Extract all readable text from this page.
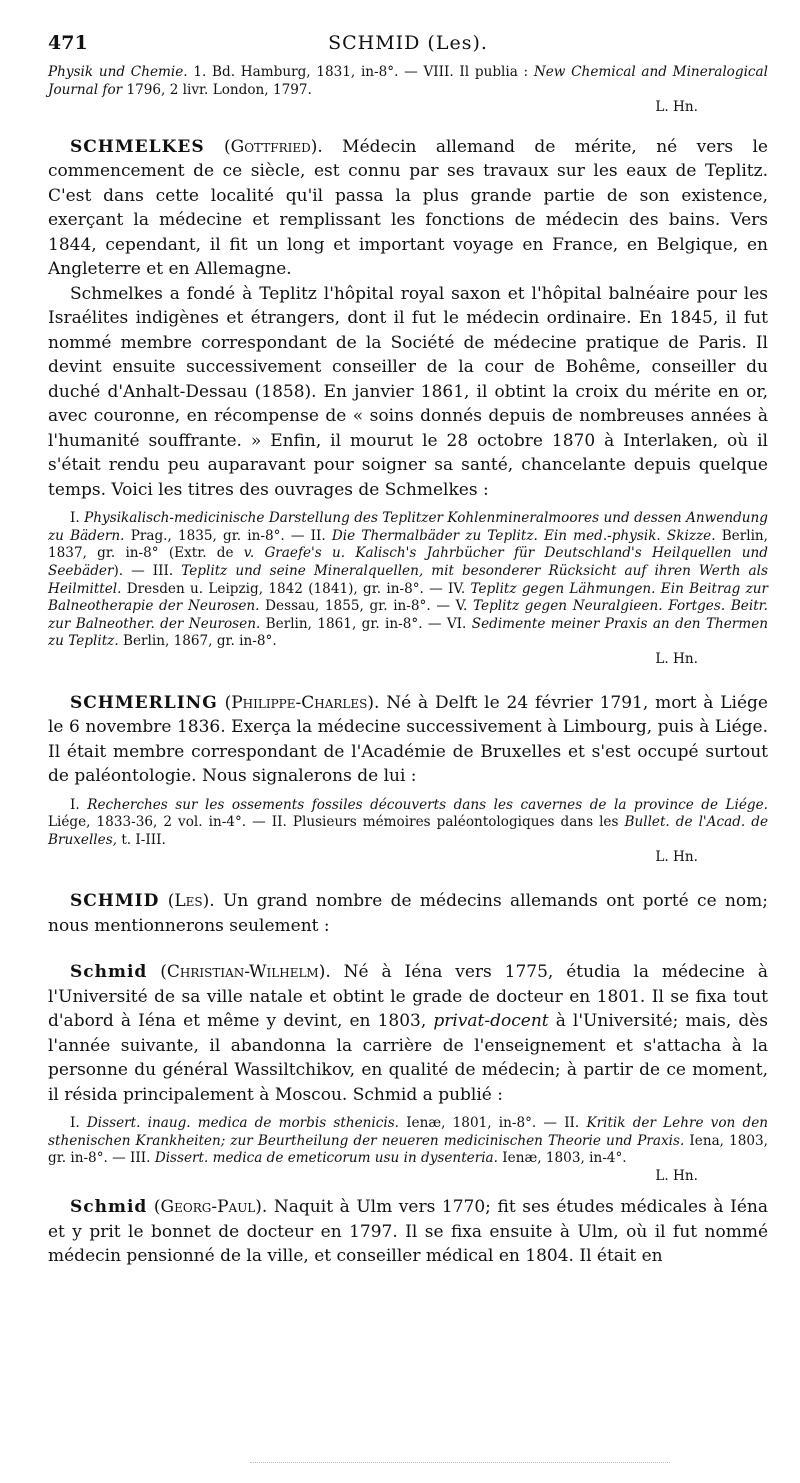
471	SCHMID (Les).

Physik und Chemie. 1. Bd. Hamburg, 1831, in-8°. — VIII. Il publia : New Chemical and Mineralogical Journal for 1796, 2 livr. London, 1797.
L. Hn.

SCHMELKES (Gottfried). Médecin allemand de mérite, né vers le commencement de ce siècle, est connu par ses travaux sur les eaux de Teplitz. C'est dans cette localité qu'il passa la plus grande partie de son existence, exerçant la médecine et remplissant les fonctions de médecin des bains. Vers 1844, cependant, il fit un long et important voyage en France, en Belgique, en Angleterre et en Allemagne.

Schmelkes a fondé à Teplitz l'hôpital royal saxon et l'hôpital balnéaire pour les Israélites indigènes et étrangers, dont il fut le médecin ordinaire. En 1845, il fut nommé membre correspondant de la Société de médecine pratique de Paris. Il devint ensuite successivement conseiller de la cour de Bohême, conseiller du duché d'Anhalt-Dessau (1858). En janvier 1861, il obtint la croix du mérite en or, avec couronne, en récompense de « soins donnés depuis de nombreuses années à l'humanité souffrante. » Enfin, il mourut le 28 octobre 1870 à Interlaken, où il s'était rendu peu auparavant pour soigner sa santé, chancelante depuis quelque temps. Voici les titres des ouvrages de Schmelkes :

I. Physikalisch-medicinische Darstellung des Teplitzer Kohlenmineralmoores und dessen Anwendung zu Bädern. Prag., 1835, gr. in-8°. — II. Die Thermalbäder zu Teplitz. Ein med.-physik. Skizze. Berlin, 1837, gr. in-8° (Extr. de v. Graefe's u. Kalisch's Jahrbücher für Deutschland's Heilquellen und Seebäder). — III. Teplitz und seine Mineralquellen, mit besonderer Rücksicht auf ihren Werth als Heilmittel. Dresden u. Leipzig, 1842 (1841), gr. in-8°. — IV. Teplitz gegen Lähmungen. Ein Beitrag zur Balneotherapie der Neurosen. Dessau, 1855, gr. in-8°. — V. Teplitz gegen Neuralgieen. Fortges. Beitr. zur Balneother. der Neurosen. Berlin, 1861, gr. in-8°. — VI. Sedimente meiner Praxis an den Thermen zu Teplitz. Berlin, 1867, gr. in-8°.
L. Hn.

SCHMERLING (Philippe-Charles). Né à Delft le 24 février 1791, mort à Liége le 6 novembre 1836. Exerça la médecine successivement à Limbourg, puis à Liége. Il était membre correspondant de l'Académie de Bruxelles et s'est occupé surtout de paléontologie. Nous signalerons de lui :

I. Recherches sur les ossements fossiles découverts dans les cavernes de la province de Liége. Liége, 1833-36, 2 vol. in-4°. — II. Plusieurs mémoires paléontologiques dans les Bullet. de l'Acad. de Bruxelles, t. I-III.
L. Hn.

SCHMID (Les). Un grand nombre de médecins allemands ont porté ce nom; nous mentionnerons seulement :

Schmid (Christian-Wilhelm). Né à Iéna vers 1775, étudia la médecine à l'Université de sa ville natale et obtint le grade de docteur en 1801. Il se fixa tout d'abord à Iéna et même y devint, en 1803, privat-docent à l'Université; mais, dès l'année suivante, il abandonna la carrière de l'enseignement et s'attacha à la personne du général Wassiltchikov, en qualité de médecin; à partir de ce moment, il résida principalement à Moscou. Schmid a publié :

I. Dissert. inaug. medica de morbis sthenicis. Ienæ, 1801, in-8°. — II. Kritik der Lehre von den sthenischen Krankheiten; zur Beurtheilung der neueren medicinischen Theorie und Praxis. Iena, 1803, gr. in-8°. — III. Dissert. medica de emeticorum usu in dysenteria. Ienæ, 1803, in-4°.
L. Hn.

Schmid (Georg-Paul). Naquit à Ulm vers 1770; fit ses études médicales à Iéna et y prit le bonnet de docteur en 1797. Il se fixa ensuite à Ulm, où il fut nommé médecin pensionné de la ville, et conseiller médical en 1804. Il était en
